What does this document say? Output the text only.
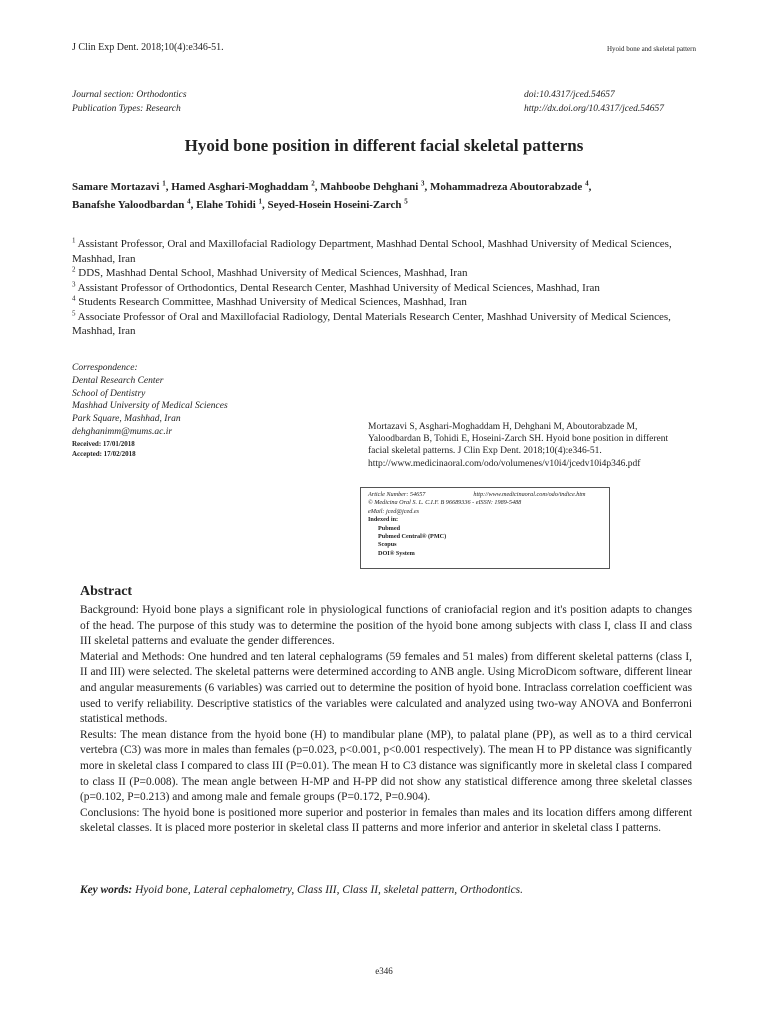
J Clin Exp Dent. 2018;10(4):e346-51.	Hyoid bone and skeletal pattern
Journal section: Orthodontics
Publication Types: Research
doi:10.4317/jced.54657
http://dx.doi.org/10.4317/jced.54657
Hyoid bone position in different facial skeletal patterns
Samare Mortazavi $^1$, Hamed Asghari-Moghaddam $^2$, Mahboobe Dehghani $^3$, Mohammadreza Aboutorabzade $^4$,
Banafshe Yaloodbardan $^4$, Elahe Tohidi $^1$, Seyed-Hosein Hoseini-Zarch $^5$

$^1$ Assistant Professor, Oral and Maxillofacial Radiology Department, Mashhad Dental School, Mashhad University of Medical Sciences, Mashhad, Iran

$^2$ DDS, Mashhad Dental School, Mashhad University of Medical Sciences, Mashhad, Iran

$^3$ Assistant Professor of Orthodontics, Dental Research Center, Mashhad University of Medical Sciences, Mashhad, Iran

$^4$ Students Research Committee, Mashhad University of Medical Sciences, Mashhad, Iran

$^5$ Associate Professor of Oral and Maxillofacial Radiology, Dental Materials Research Center, Mashhad University of Medical Sciences, Mashhad, Iran

Correspondence:
Dental Research Center
School of Dentistry
Mashhad University of Medical Sciences
Park Square, Mashhad, Iran
dehghanimm@mums.ac.ir
Received: 17/01/2018
Accepted: 17/02/2018
Mortazavi S, Asghari-Moghaddam H, Dehghani M, Aboutorabzade M, Yaloodbardan B, Tohidi E, Hoseini-Zarch SH. Hyoid bone position in different facial skeletal patterns. J Clin Exp Dent. 2018;10(4):e346-51. http://www.medicinaoral.com/odo/volumenes/v10i4/jcedv10i4p346.pdf
Article Number: 54657	http://www.medicinaoral.com/odo/indice.htm
© Medicina Oral S. L. C.I.F. B 96689336 - eISSN: 1989-5488
eMail: jced@jced.es
Indexed in:
Pubmed
Pubmed Central® (PMC)
Scopus
DOI® System
Abstract

Background: Hyoid bone plays a significant role in physiological functions of craniofacial region and it's position adapts to changes of the head. The purpose of this study was to determine the position of the hyoid bone among subjects with class I, class II and class III skeletal patterns and evaluate the gender differences.

Material and Methods: One hundred and ten lateral cephalograms (59 females and 51 males) from different skeletal patterns (class I, II and III) were selected. The skeletal patterns were determined according to ANB angle. Using MicroDicom software, different linear and angular measurements (6 variables) was carried out to determine the position of hyoid bone. Intraclass correlation coefficient was used to verify reliability. Descriptive statistics of the variables were calculated and analyzed using two-way ANOVA and Bonferroni statistical methods.

Results: The mean distance from the hyoid bone (H) to mandibular plane (MP), to palatal plane (PP), as well as to a third cervical vertebra (C3) was more in males than females (p=0.023, p<0.001, p<0.001 respectively). The mean H to PP distance was significantly more in skeletal class I compared to class III (P=0.01). The mean H to C3 distance was significantly more in skeletal class I compared to class II (P=0.008). The mean angle between H-MP and H-PP did not show any statistical difference among three skeletal classes (p=0.102, P=0.213) and among male and female groups (P=0.172, P=0.904).

Conclusions: The hyoid bone is positioned more superior and posterior in females than males and its location differs among different skeletal classes. It is placed more posterior in skeletal class II patterns and more inferior and anterior in skeletal class I patterns.

Key words: Hyoid bone, Lateral cephalometry, Class III, Class II, skeletal pattern, Orthodontics.
e346
